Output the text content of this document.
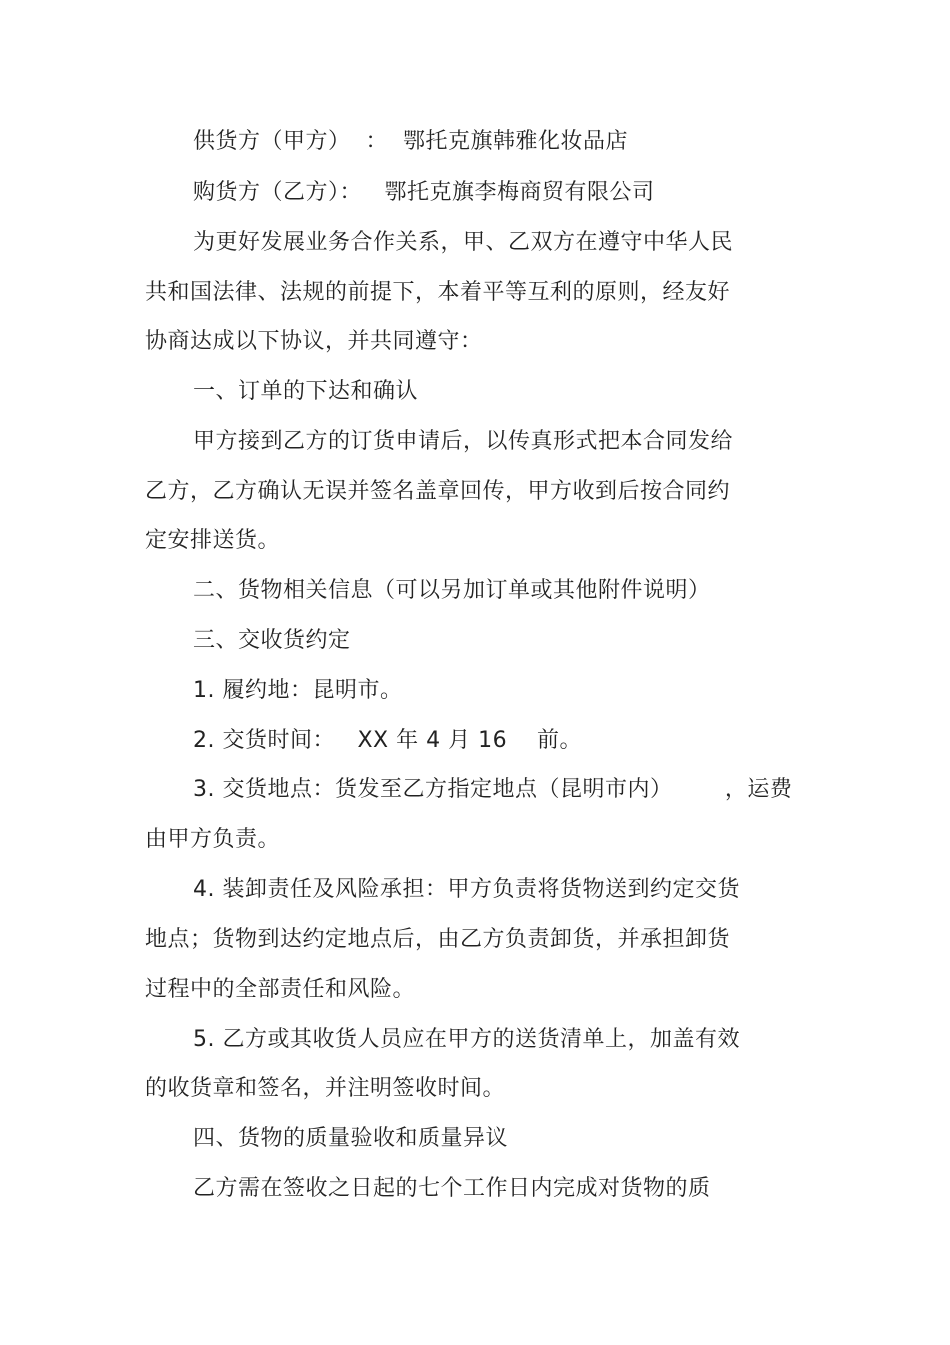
供货方（甲方）  ：  鄂托克旗韩雅化妆品店
购货方（乙方）：   鄂托克旗李梅商贸有限公司
为更好发展业务合作关系，甲、乙双方在遵守中华人民
共和国法律、法规的前提下，本着平等互利的原则，经友好
协商达成以下协议，并共同遵守：
一、订单的下达和确认
甲方接到乙方的订货申请后，以传真形式把本合同发给
乙方，乙方确认无误并签名盖章回传，甲方收到后按合同约
定安排送货。
二、货物相关信息（可以另加订单或其他附件说明）
三、交收货约定
1. 履约地：昆明市。
2. 交货时间：   XX 年 4 月 16    前。
3. 交货地点：货发至乙方指定地点（昆明市内）       ，运费
由甲方负责。
4. 装卸责任及风险承担：甲方负责将货物送到约定交货
地点；货物到达约定地点后，由乙方负责卸货，并承担卸货
过程中的全部责任和风险。
5. 乙方或其收货人员应在甲方的送货清单上，加盖有效
的收货章和签名，并注明签收时间。
四、货物的质量验收和质量异议
乙方需在签收之日起的七个工作日内完成对货物的质
